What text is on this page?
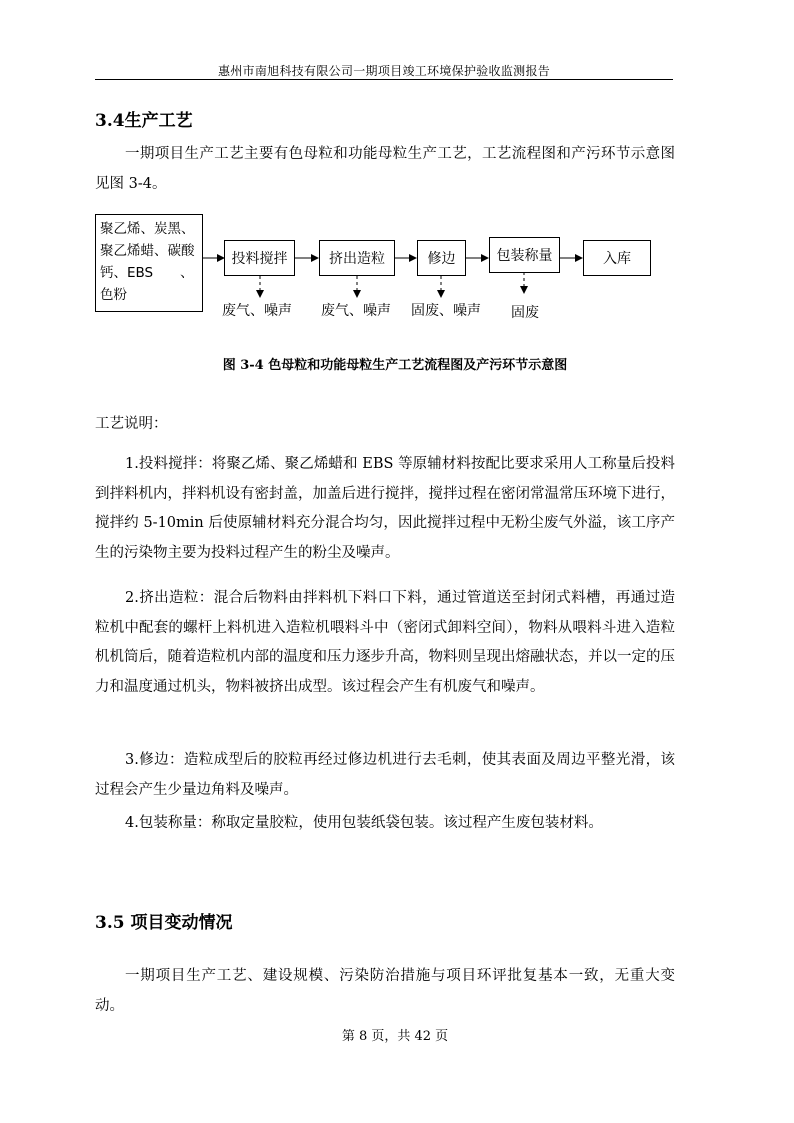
惠州市南旭科技有限公司一期项目竣工环境保护验收监测报告
3.4生产工艺

一期项目生产工艺主要有色母粒和功能母粒生产工艺，工艺流程图和产污环节示意图见图 3-4。

聚乙烯、炭黑、聚乙烯蜡、碳酸钙、EBS　　、色粉
投料搅拌	挤出造粒	修边	包装称量	入库
废气、噪声 废气、噪声 固废、噪声 固废
图 3-4 色母粒和功能母粒生产工艺流程图及产污环节示意图

工艺说明：

1.投料搅拌：将聚乙烯、聚乙烯蜡和 EBS 等原辅材料按配比要求采用人工称量后投料到拌料机内，拌料机设有密封盖，加盖后进行搅拌，搅拌过程在密闭常温常压环境下进行，搅拌约 5-10min 后使原辅材料充分混合均匀，因此搅拌过程中无粉尘废气外溢，该工序产生的污染物主要为投料过程产生的粉尘及噪声。

2.挤出造粒：混合后物料由拌料机下料口下料，通过管道送至封闭式料槽，再通过造粒机中配套的螺杆上料机进入造粒机喂料斗中（密闭式卸料空间），物料从喂料斗进入造粒机机筒后，随着造粒机内部的温度和压力逐步升高，物料则呈现出熔融状态，并以一定的压力和温度通过机头，物料被挤出成型。该过程会产生有机废气和噪声。

3.修边：造粒成型后的胶粒再经过修边机进行去毛刺，使其表面及周边平整光滑，该过程会产生少量边角料及噪声。

4.包装称量：称取定量胶粒，使用包装纸袋包装。该过程产生废包装材料。

3.5 项目变动情况

一期项目生产工艺、建设规模、污染防治措施与项目环评批复基本一致，无重大变动。

第 8 页，共 42 页
